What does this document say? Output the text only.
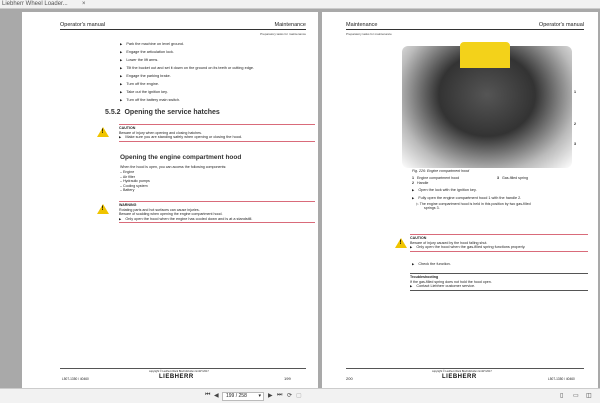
Liebherr Wheel Loader... ×
Operator's manual	Maintenance
Preparatory tasks for maintenance
▶ Park the machine on level ground.
▶ Engage the articulation lock.
▶ Lower the lift arms.
▶ Tilt the bucket out and set it down on the ground on its teeth or cutting edge.
▶ Engage the parking brake.
▶ Turn off the engine.
▶ Take out the ignition key.
▶ Turn off the battery main switch.
5.5.2 Opening the service hatches
!
CAUTION
Beware of injury when opening and closing hatches.
▶ Make sure you are standing safely when opening or closing the hood.
Opening the engine compartment hood
When the hood is open, you can access the following components:
– Engine
– Air filter
– Hydraulic pumps
– Cooling system
– Battery
!
WARNING
Rotating parts and hot surfaces can cause injuries.
Beware of scalding when opening the engine compartment hood.
▶ Only open the hood when the engine has cooled down and is at a standstill.
L507-1350 / 40460
copyright © Liebherr-Werk Bischofshofen GmbH 2017
LIEBHERR	199
Maintenance	Operator's manual
Preparatory tasks for maintenance
1
2
3
Fig. 226: Engine compartment hood
1 Engine compartment hood
2 Handle
3 Gas-filled spring
▶ Open the lock with the ignition key.
▶ Fully open the engine compartment hood 1 with the handle 2.
▷ The engine compartment hood is held in this position by two gas-filled
springs 3.
!
CAUTION
Beware of injury caused by the hood falling shut.
▶ Only open the hood when the gas-filled spring functions properly.
▶ Check the function.
Troubleshooting
If the gas-filled spring does not hold the hood open.
▶ Contact Liebherr customer service.
200
copyright © Liebherr-Werk Bischofshofen GmbH 2017
LIEBHERR	L507-1350 / 40460
⏮ ◀	199 / 258 ▾ ▶ ⏭ ⟳ ▢	▯ ▭ ◫
